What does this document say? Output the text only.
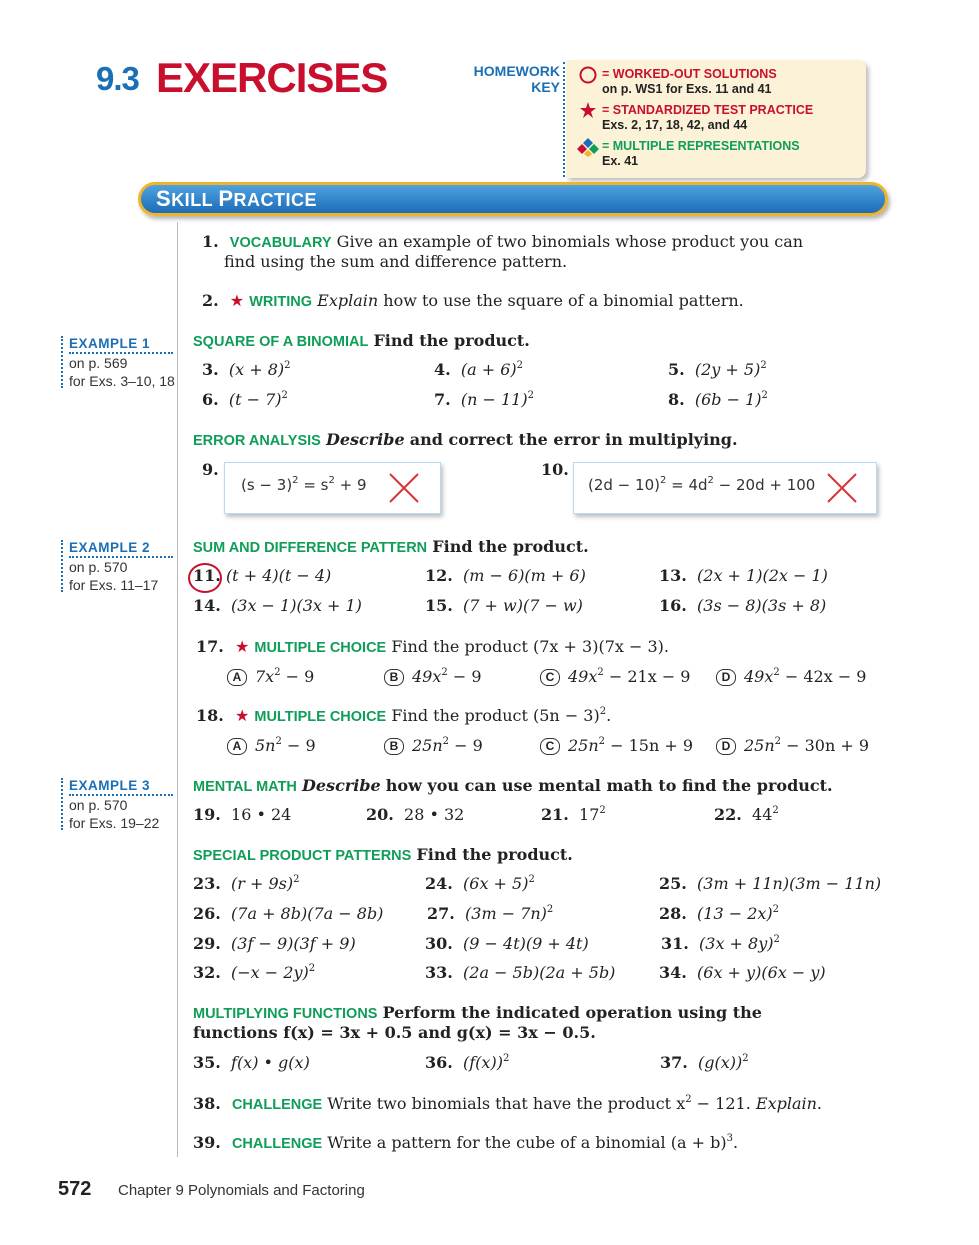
9.3 EXERCISES	HOMEWORK
KEY
= WORKED-OUT SOLUTIONS
on p. WS1 for Exs. 11 and 41
= STANDARDIZED TEST PRACTICE
Exs. 2, 17, 18, 42, and 44
= MULTIPLE REPRESENTATIONS
Ex. 41
SKILL PRACTICE
EXAMPLE 1
on p. 569
for Exs. 3–10, 18
EXAMPLE 2
on p. 570
for Exs. 11–17
EXAMPLE 3
on p. 570
for Exs. 19–22
1. VOCABULARY Give an example of two binomials whose product you can
find using the sum and difference pattern.
2. ★ WRITING Explain how to use the square of a binomial pattern.
SQUARE OF A BINOMIAL Find the product.
3. $(x + 8)^2$	4. $(a + 6)^2$	5. $(2y + 5)^2$
6. $(t - 7)^2$	7. $(n - 11)^2$	8. $(6b - 1)^2$
ERROR ANALYSIS Describe and correct the error in multiplying.
9.
$(s - 3)^2 = s^2 + 9$
10.
$(2d - 10)^2 = 4d^2 - 20d + 100$
SUM AND DIFFERENCE PATTERN Find the product.
11. (t + 4)(t − 4)	12. (m − 6)(m + 6)	13. (2x + 1)(2x − 1)
14. (3x − 1)(3x + 1)	15. (7 + w)(7 − w)	16. (3s − 8)(3s + 8)
17. ★ MULTIPLE CHOICE Find the product (7x + 3)(7x − 3).
A $7x^2 - 9$	B $49x^2 - 9$	C $49x^2 - 21x - 9$	D $49x^2 - 42x - 9$
18. ★ MULTIPLE CHOICE Find the product $(5n - 3)^2$.
A $5n^2 - 9$	B $25n^2 - 9$	C $25n^2 - 15n + 9$	D $25n^2 - 30n + 9$
MENTAL MATH Describe how you can use mental math to find the product.
19. 16 • 24	20. 28 • 32	21. $17^2$	22. $44^2$
SPECIAL PRODUCT PATTERNS Find the product.
23. $(r + 9s)^2$	24. $(6x + 5)^2$	25. (3m + 11n)(3m − 11n)
26. (7a + 8b)(7a − 8b)	27. $(3m - 7n)^2$	28. $(13 - 2x)^2$
29. (3f − 9)(3f + 9)	30. (9 − 4t)(9 + 4t)	31. $(3x + 8y)^2$
32. $(-x - 2y)^2$	33. (2a − 5b)(2a + 5b)	34. (6x + y)(6x − y)
MULTIPLYING FUNCTIONS Perform the indicated operation using the
functions f(x) = 3x + 0.5 and g(x) = 3x − 0.5.
35. f(x) • g(x)	36. $(f(x))^2$	37. $(g(x))^2$
38. CHALLENGE Write two binomials that have the product $x^2 - 121$. Explain.
39. CHALLENGE Write a pattern for the cube of a binomial $(a + b)^3$.
572 Chapter 9 Polynomials and Factoring
